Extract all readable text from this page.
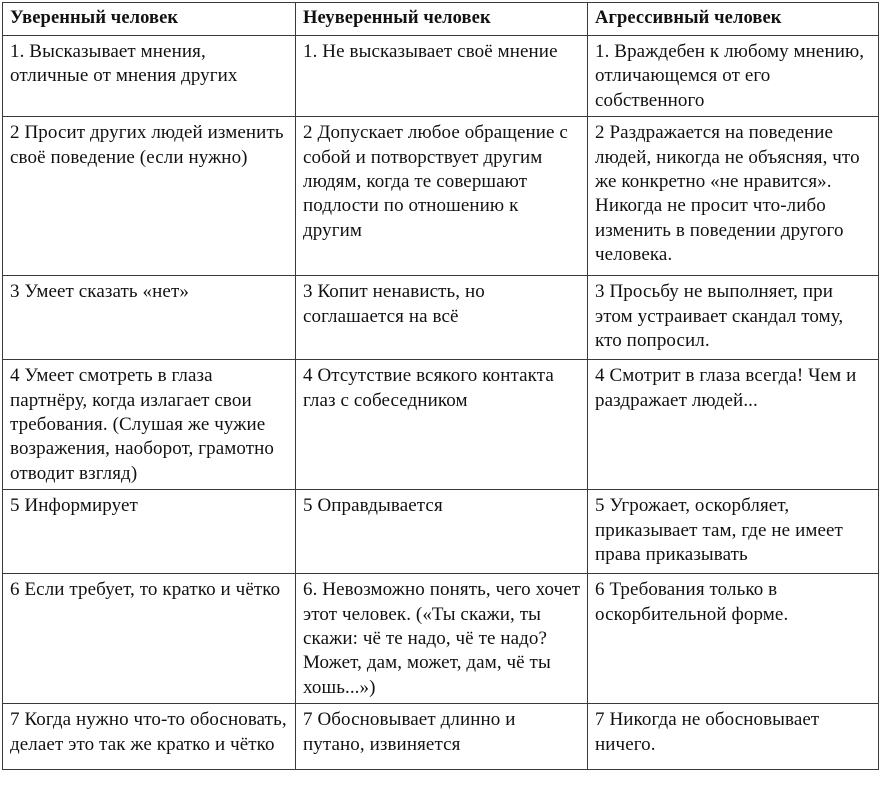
Уверенный человек	Неуверенный человек	Агрессивный человек
1. Высказывает мнения, отличные от мнения других	1. Не высказывает своё мнение	1. Враждебен к любому мнению, отличающемся от его собственного
2 Просит других людей изменить своё поведение (если нужно)	2 Допускает любое обращение с собой и потворствует другим людям, когда те совершают подлости по отношению к другим	2 Раздражается на поведение людей, никогда не объясняя, что же конкретно «не нравится». Никогда не просит что-либо изменить в поведении другого человека.
3 Умеет сказать «нет»	3 Копит ненависть, но соглашается на всё	3 Просьбу не выполняет, при этом устраивает скандал тому, кто попросил.
4 Умеет смотреть в глаза партнёру, когда излагает свои требования. (Слушая же чужие возражения, наоборот, грамотно отводит взгляд)	4 Отсутствие всякого контакта глаз с собеседником	4 Смотрит в глаза всегда! Чем и раздражает людей...
5 Информирует	5 Оправдывается	5 Угрожает, оскорбляет, приказывает там, где не имеет права приказывать
6 Если требует, то кратко и чётко	6. Невозможно понять, чего хочет этот человек. («Ты скажи, ты скажи: чё те надо, чё те надо? Может, дам, может, дам, чё ты хошь...»)	6 Требования только в оскорбительной форме.
7 Когда нужно что-то обосновать, делает это так же кратко и чётко	7 Обосновывает длинно и путано, извиняется	7 Никогда не обосновывает ничего.
